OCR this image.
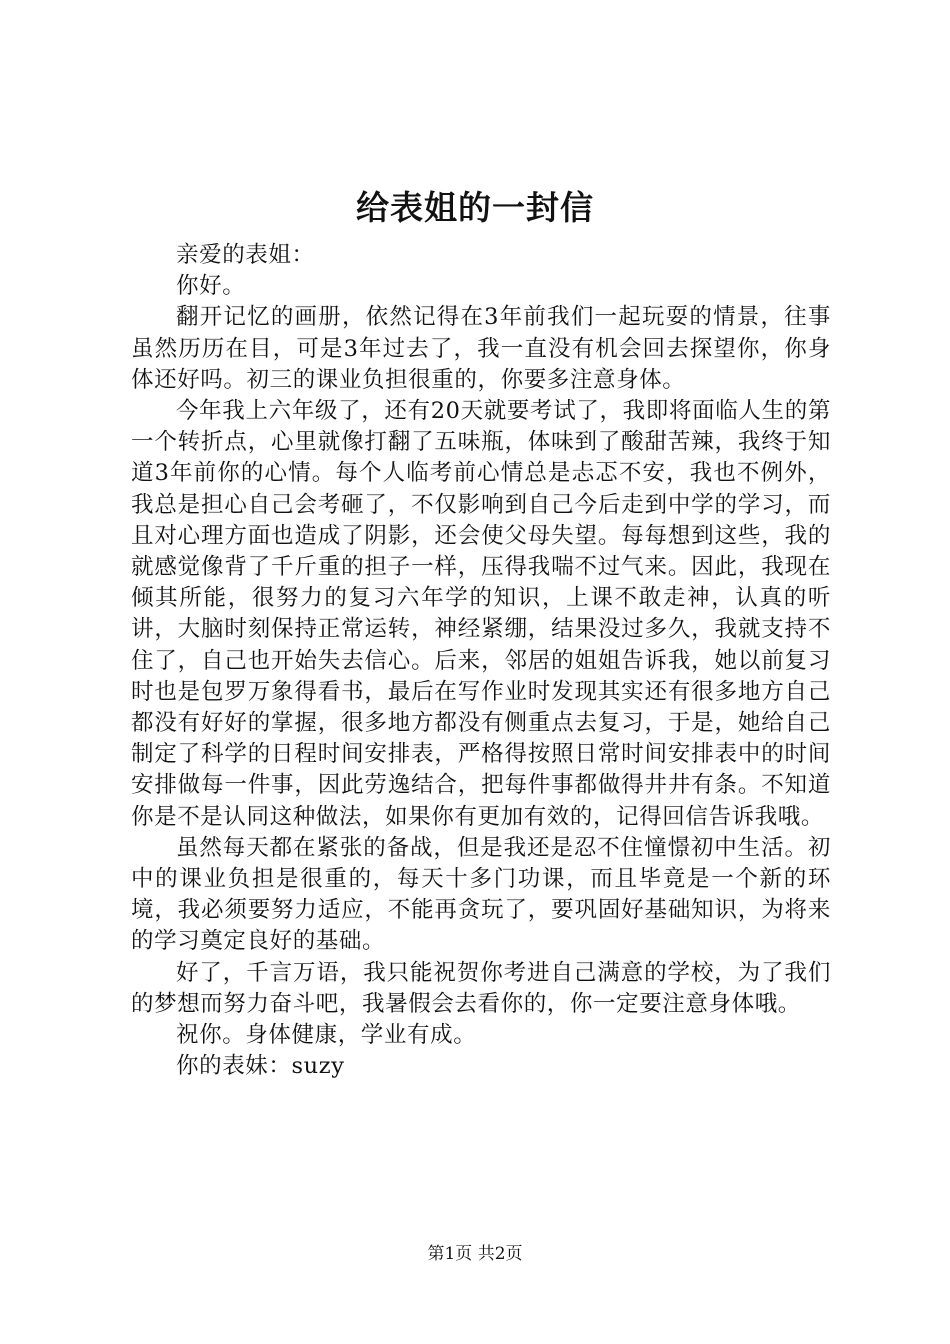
给表姐的一封信

亲爱的表姐：

你好。

翻开记忆的画册，依然记得在3年前我们一起玩耍的情景，往事虽然历历在目，可是3年过去了，我一直没有机会回去探望你，你身体还好吗。初三的课业负担很重的，你要多注意身体。

今年我上六年级了，还有20天就要考试了，我即将面临人生的第一个转折点，心里就像打翻了五味瓶，体味到了酸甜苦辣，我终于知道3年前你的心情。每个人临考前心情总是忐忑不安，我也不例外，我总是担心自己会考砸了，不仅影响到自己今后走到中学的学习，而且对心理方面也造成了阴影，还会使父母失望。每每想到这些，我的就感觉像背了千斤重的担子一样，压得我喘不过气来。因此，我现在倾其所能，很努力的复习六年学的知识，上课不敢走神，认真的听讲，大脑时刻保持正常运转，神经紧绷，结果没过多久，我就支持不住了，自己也开始失去信心。后来，邻居的姐姐告诉我，她以前复习时也是包罗万象得看书，最后在写作业时发现其实还有很多地方自己都没有好好的掌握，很多地方都没有侧重点去复习，于是，她给自己制定了科学的日程时间安排表，严格得按照日常时间安排表中的时间安排做每一件事，因此劳逸结合，把每件事都做得井井有条。不知道你是不是认同这种做法，如果你有更加有效的，记得回信告诉我哦。

虽然每天都在紧张的备战，但是我还是忍不住憧憬初中生活。初中的课业负担是很重的，每天十多门功课，而且毕竟是一个新的环境，我必须要努力适应，不能再贪玩了，要巩固好基础知识，为将来的学习奠定良好的基础。

好了，千言万语，我只能祝贺你考进自己满意的学校，为了我们的梦想而努力奋斗吧，我暑假会去看你的，你一定要注意身体哦。

祝你。身体健康，学业有成。

你的表妹：suzy

第1页 共2页
